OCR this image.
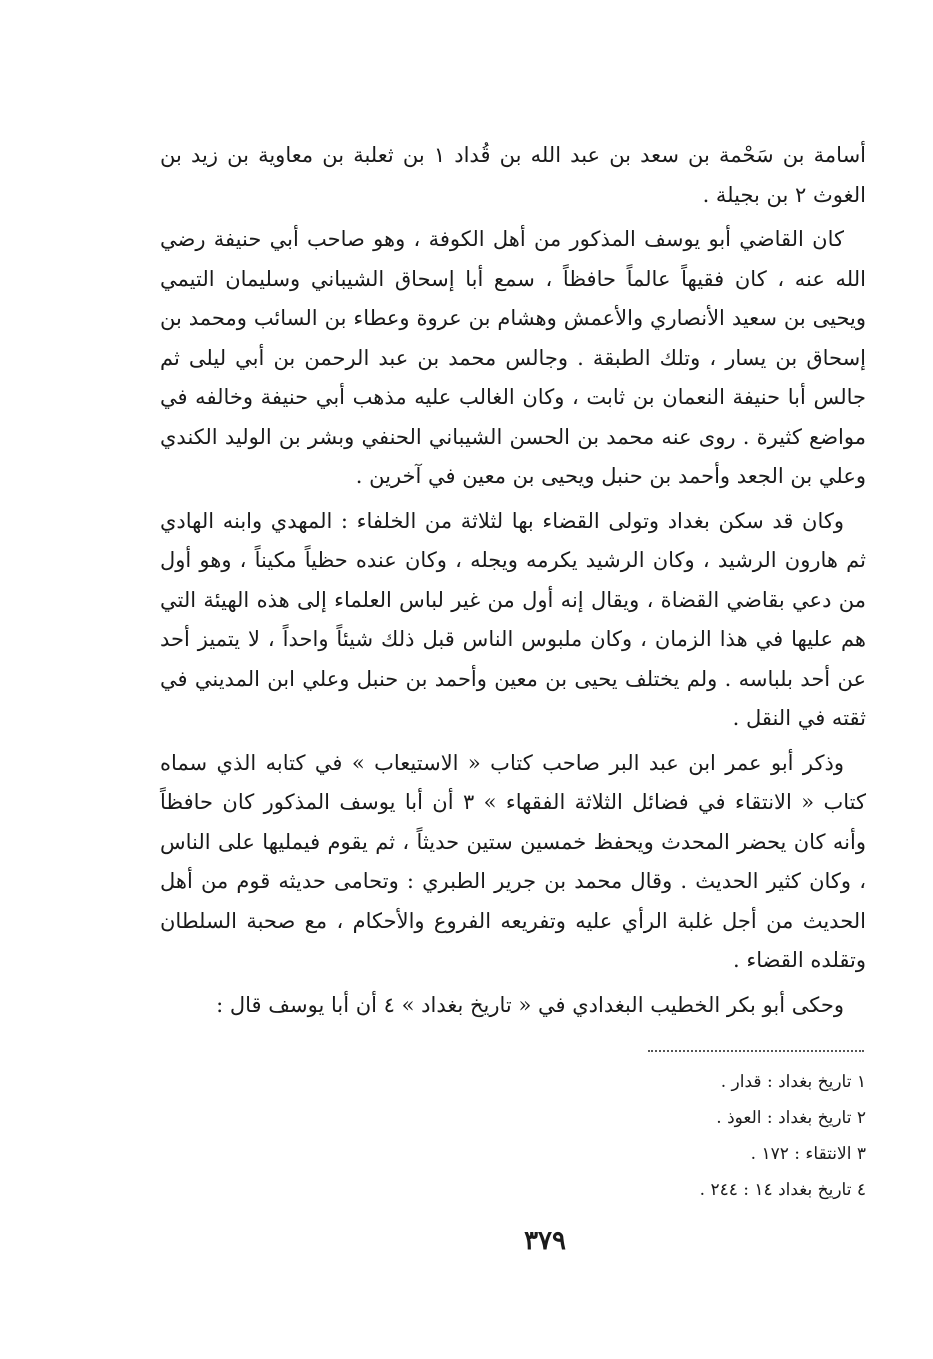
أسامة بن سَحْمة بن سعد بن عبد الله بن قُداد ١ بن ثعلبة بن معاوية بن زيد بن الغوث ٢ بن بجيلة .

كان القاضي أبو يوسف المذكور من أهل الكوفة ، وهو صاحب أبي حنيفة رضي الله عنه ، كان فقيهاً عالماً حافظاً ، سمع أبا إسحاق الشيباني وسليمان التيمي ويحيى بن سعيد الأنصاري والأعمش وهشام بن عروة وعطاء بن السائب ومحمد بن إسحاق بن يسار ، وتلك الطبقة . وجالس محمد بن عبد الرحمن بن أبي ليلى ثم جالس أبا حنيفة النعمان بن ثابت ، وكان الغالب عليه مذهب أبي حنيفة وخالفه في مواضع كثيرة . روى عنه محمد بن الحسن الشيباني الحنفي وبشر بن الوليد الكندي وعلي بن الجعد وأحمد بن حنبل ويحيى بن معين في آخرين .

وكان قد سكن بغداد وتولى القضاء بها لثلاثة من الخلفاء : المهدي وابنه الهادي ثم هارون الرشيد ، وكان الرشيد يكرمه ويجله ، وكان عنده حظياً مكيناً ، وهو أول من دعي بقاضي القضاة ، ويقال إنه أول من غير لباس العلماء إلى هذه الهيئة التي هم عليها في هذا الزمان ، وكان ملبوس الناس قبل ذلك شيئاً واحداً ، لا يتميز أحد عن أحد بلباسه . ولم يختلف يحيى بن معين وأحمد بن حنبل وعلي ابن المديني في ثقته في النقل .

وذكر أبو عمر ابن عبد البر صاحب كتاب « الاستيعاب » في كتابه الذي سماه كتاب « الانتقاء في فضائل الثلاثة الفقهاء » ٣ أن أبا يوسف المذكور كان حافظاً وأنه كان يحضر المحدث ويحفظ خمسين ستين حديثاً ، ثم يقوم فيمليها على الناس ، وكان كثير الحديث . وقال محمد بن جرير الطبري : وتحامى حديثه قوم من أهل الحديث من أجل غلبة الرأي عليه وتفريعه الفروع والأحكام ، مع صحبة السلطان وتقلده القضاء .

وحكى أبو بكر الخطيب البغدادي في « تاريخ بغداد » ٤ أن أبا يوسف قال :

١ تاريخ بغداد : قدار .
٢ تاريخ بغداد : العوذ .
٣ الانتقاء : ١٧٢ .
٤ تاريخ بغداد ١٤ : ٢٤٤ .
٣٧٩
